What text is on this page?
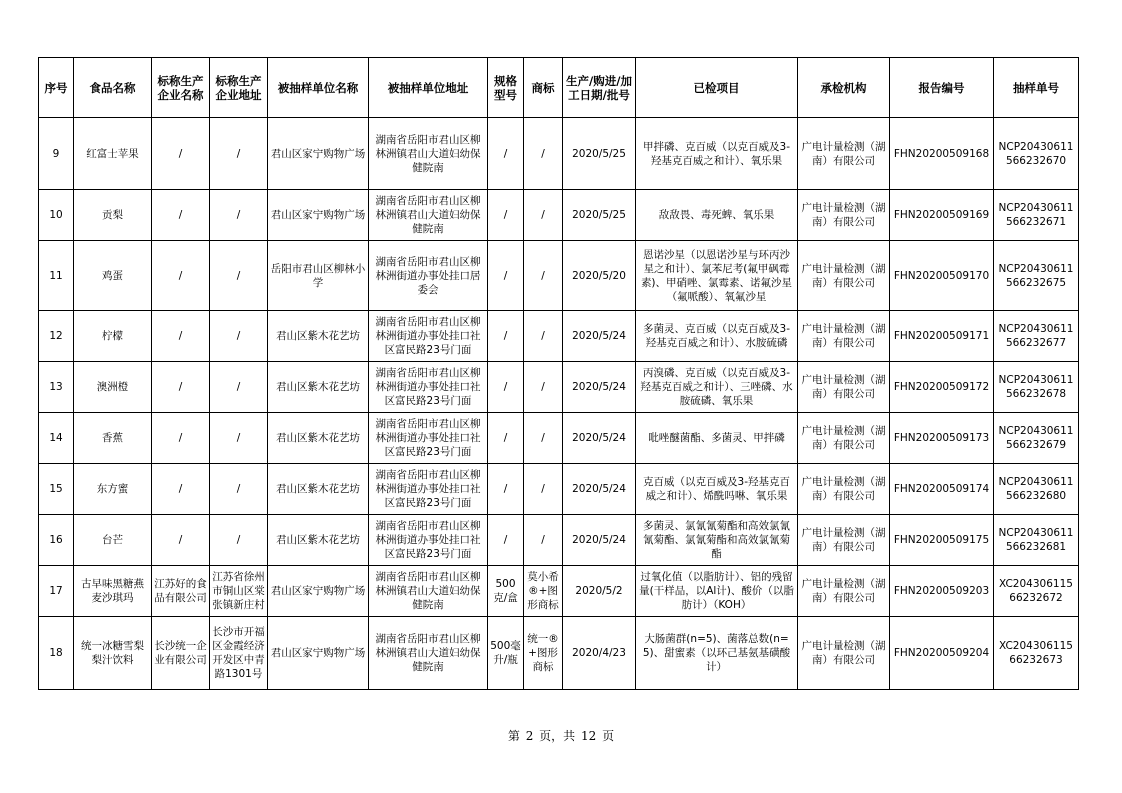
序号	食品名称	标称生产企业名称	标称生产企业地址	被抽样单位名称	被抽样单位地址	规格型号	商标	生产/购进/加工日期/批号	已检项目	承检机构	报告编号	抽样单号
9	红富士苹果	/	/	君山区家宁购物广场	湖南省岳阳市君山区柳林洲镇君山大道妇幼保健院南	/	/	2020/5/25	甲拌磷、克百威（以克百威及3-羟基克百威之和计）、氧乐果	广电计量检测（湖南）有限公司	FHN20200509168	NCP20430611566232670
10	贡梨	/	/	君山区家宁购物广场	湖南省岳阳市君山区柳林洲镇君山大道妇幼保健院南	/	/	2020/5/25	敌敌畏、毒死蜱、氧乐果	广电计量检测（湖南）有限公司	FHN20200509169	NCP20430611566232671
11	鸡蛋	/	/	岳阳市君山区柳林小学	湖南省岳阳市君山区柳林洲街道办事处挂口居委会	/	/	2020/5/20	恩诺沙星（以恩诺沙星与环丙沙星之和计）、氯苯尼考(氟甲砜霉素)、甲硝唑、氯霉素、诺氟沙星（氟哌酸）、氧氟沙星	广电计量检测（湖南）有限公司	FHN20200509170	NCP20430611566232675
12	柠檬	/	/	君山区紫木花艺坊	湖南省岳阳市君山区柳林洲街道办事处挂口社区富民路23号门面	/	/	2020/5/24	多菌灵、克百威（以克百威及3-羟基克百威之和计）、水胺硫磷	广电计量检测（湖南）有限公司	FHN20200509171	NCP20430611566232677
13	澳洲橙	/	/	君山区紫木花艺坊	湖南省岳阳市君山区柳林洲街道办事处挂口社区富民路23号门面	/	/	2020/5/24	丙溴磷、克百威（以克百威及3-羟基克百威之和计）、三唑磷、水胺硫磷、氧乐果	广电计量检测（湖南）有限公司	FHN20200509172	NCP20430611566232678
14	香蕉	/	/	君山区紫木花艺坊	湖南省岳阳市君山区柳林洲街道办事处挂口社区富民路23号门面	/	/	2020/5/24	吡唑醚菌酯、多菌灵、甲拌磷	广电计量检测（湖南）有限公司	FHN20200509173	NCP20430611566232679
15	东方蜜	/	/	君山区紫木花艺坊	湖南省岳阳市君山区柳林洲街道办事处挂口社区富民路23号门面	/	/	2020/5/24	克百威（以克百威及3-羟基克百威之和计）、烯酰吗啉、氧乐果	广电计量检测（湖南）有限公司	FHN20200509174	NCP20430611566232680
16	台芒	/	/	君山区紫木花艺坊	湖南省岳阳市君山区柳林洲街道办事处挂口社区富民路23号门面	/	/	2020/5/24	多菌灵、氯氰氰菊酯和高效氯氰氰菊酯、氯氰菊酯和高效氯氰菊酯	广电计量检测（湖南）有限公司	FHN20200509175	NCP20430611566232681
17	古早味黑糖燕麦沙琪玛	江苏好的食品有限公司	江苏省徐州市铜山区棠张镇新庄村	君山区家宁购物广场	湖南省岳阳市君山区柳林洲镇君山大道妇幼保健院南	500克/盒	莫小希®+图形商标	2020/5/2	过氧化值（以脂肪计）、铝的残留量(干样品，以Al计)、酸价（以脂肪计）（KOH）	广电计量检测（湖南）有限公司	FHN20200509203	XC20430611566232672
18	统一冰糖雪梨梨汁饮料	长沙统一企业有限公司	长沙市开福区金霞经济开发区中青路1301号	君山区家宁购物广场	湖南省岳阳市君山区柳林洲镇君山大道妇幼保健院南	500毫升/瓶	统一®+图形商标	2020/4/23	大肠菌群(n=5)、菌落总数(n=5)、甜蜜素（以环己基氨基磺酸计）	广电计量检测（湖南）有限公司	FHN20200509204	XC20430611566232673
第 2 页，共 12 页
